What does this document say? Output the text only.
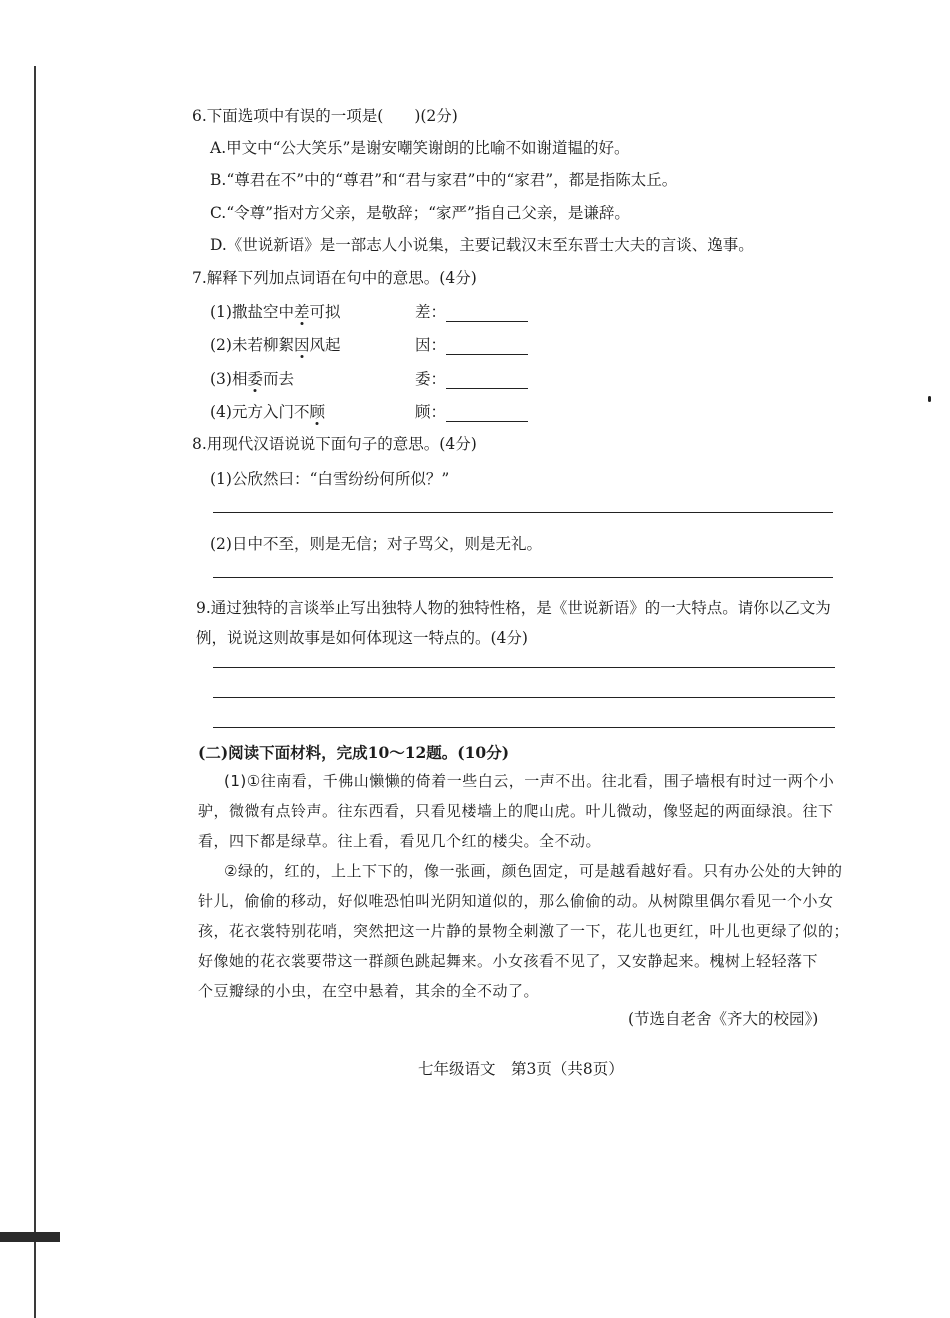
6.下面选项中有误的一项是(　　)(2分)
A.甲文中“公大笑乐”是谢安嘲笑谢朗的比喻不如谢道韫的好。
B.“尊君在不”中的“尊君”和“君与家君”中的“家君”，都是指陈太丘。
C.“令尊”指对方父亲，是敬辞；“家严”指自己父亲，是谦辞。
D.《世说新语》是一部志人小说集，主要记载汉末至东晋士大夫的言谈、逸事。
7.解释下列加点词语在句中的意思。(4分)
(1)撒盐空中差可拟	差：
(2)未若柳絮因风起	因：
(3)相委而去	委：
(4)元方入门不顾	顾：
8.用现代汉语说说下面句子的意思。(4分)
(1)公欣然曰：“白雪纷纷何所似？”
(2)日中不至，则是无信；对子骂父，则是无礼。
9.通过独特的言谈举止写出独特人物的独特性格，是《世说新语》的一大特点。请你以乙文为
例，说说这则故事是如何体现这一特点的。(4分)
(二)阅读下面材料，完成10～12题。(10分)
(1)①往南看，千佛山懒懒的倚着一些白云，一声不出。往北看，围子墙根有时过一两个小
驴，微微有点铃声。往东西看，只看见楼墙上的爬山虎。叶儿微动，像竖起的两面绿浪。往下
看，四下都是绿草。往上看，看见几个红的楼尖。全不动。
②绿的，红的，上上下下的，像一张画，颜色固定，可是越看越好看。只有办公处的大钟的
针儿，偷偷的移动，好似唯恐怕叫光阴知道似的，那么偷偷的动。从树隙里偶尔看见一个小女
孩，花衣裳特别花哨，突然把这一片静的景物全刺激了一下，花儿也更红，叶儿也更绿了似的；
好像她的花衣裳要带这一群颜色跳起舞来。小女孩看不见了，又安静起来。槐树上轻轻落下
个豆瓣绿的小虫，在空中悬着，其余的全不动了。
(节选自老舍《齐大的校园》)
七年级语文　第3页（共8页）
